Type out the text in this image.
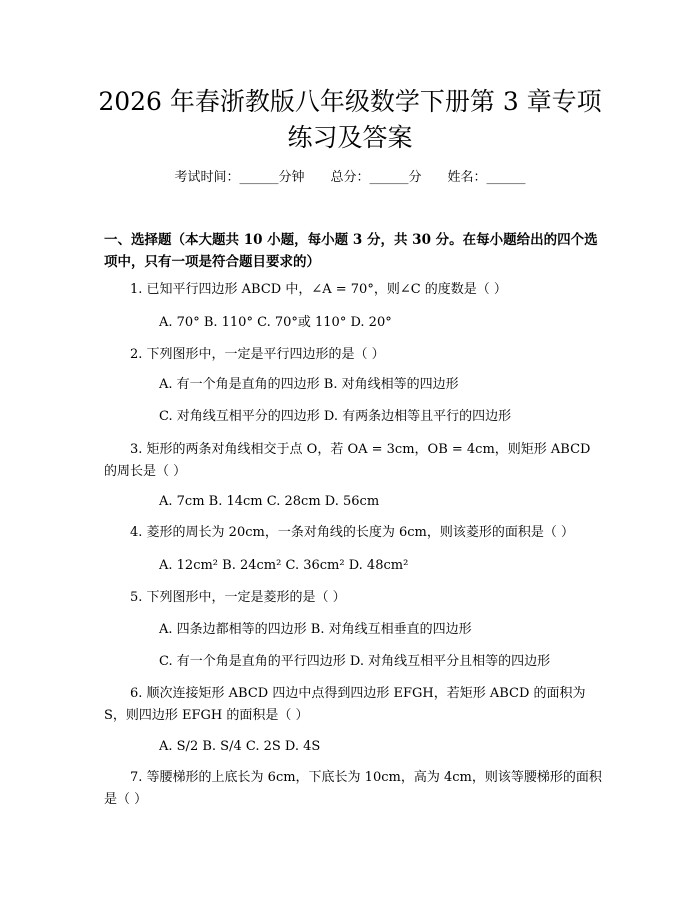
2026 年春浙教版八年级数学下册第 3 章专项
练习及答案
考试时间：______分钟 总分：______分 姓名：______
一、选择题（本大题共 10 小题，每小题 3 分，共 30 分。在每小题给出的四个选
项中，只有一项是符合题目要求的）
1. 已知平行四边形 ABCD 中，∠A = 70°，则∠C 的度数是（ ）
A. 70° B. 110° C. 70°或 110° D. 20°
2. 下列图形中，一定是平行四边形的是（ ）
A. 有一个角是直角的四边形 B. 对角线相等的四边形
C. 对角线互相平分的四边形 D. 有两条边相等且平行的四边形
3. 矩形的两条对角线相交于点 O，若 OA = 3cm，OB = 4cm，则矩形 ABCD 的周长是（ ）
A. 7cm B. 14cm C. 28cm D. 56cm
4. 菱形的周长为 20cm，一条对角线的长度为 6cm，则该菱形的面积是（ ）
A. 12cm² B. 24cm² C. 36cm² D. 48cm²
5. 下列图形中，一定是菱形的是（ ）
A. 四条边都相等的四边形 B. 对角线互相垂直的四边形
C. 有一个角是直角的平行四边形 D. 对角线互相平分且相等的四边形
6. 顺次连接矩形 ABCD 四边中点得到四边形 EFGH，若矩形 ABCD 的面积为 S，则四边形 EFGH 的面积是（ ）
A. S/2 B. S/4 C. 2S D. 4S
7. 等腰梯形的上底长为 6cm，下底长为 10cm，高为 4cm，则该等腰梯形的面积是（ ）
